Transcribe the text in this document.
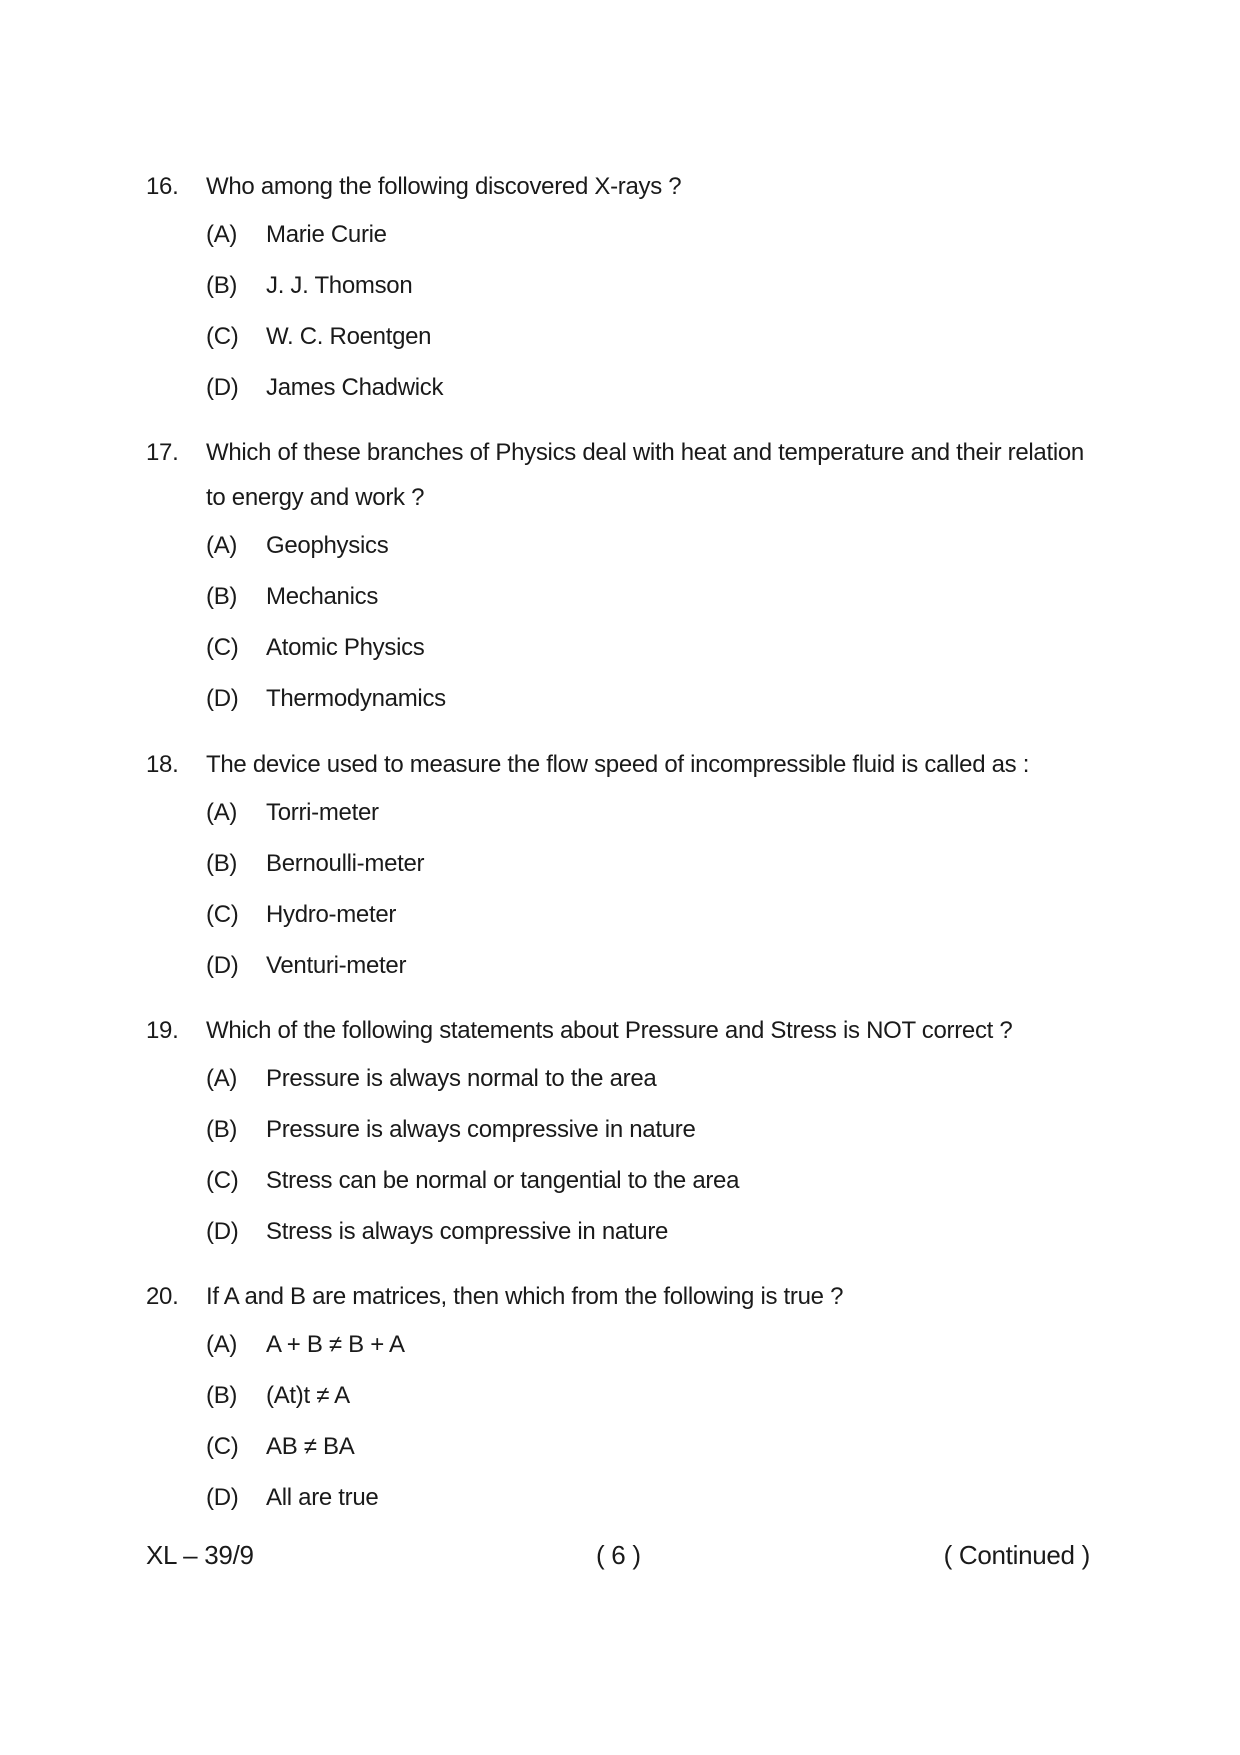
16.	Who among the following discovered X-rays ?
(A)	Marie Curie
(B)	J. J. Thomson
(C)	W. C. Roentgen
(D)	James Chadwick
17.	Which of these branches of Physics deal with heat and temperature and their relation to energy and work ?
(A)	Geophysics
(B)	Mechanics
(C)	Atomic Physics
(D)	Thermodynamics
18.	The device used to measure the flow speed of incompressible fluid is called as :
(A)	Torri-meter
(B)	Bernoulli-meter
(C)	Hydro-meter
(D)	Venturi-meter
19.	Which of the following statements about Pressure and Stress is NOT correct ?
(A)	Pressure is always normal to the area
(B)	Pressure is always compressive in nature
(C)	Stress can be normal or tangential to the area
(D)	Stress is always compressive in nature
20.	If A and B are matrices, then which from the following is true ?
(A)	A + B ≠ B + A
(B)	(At)t ≠ A
(C)	AB ≠ BA
(D)	All are true
XL – 39/9	( 6 )	( Continued )
